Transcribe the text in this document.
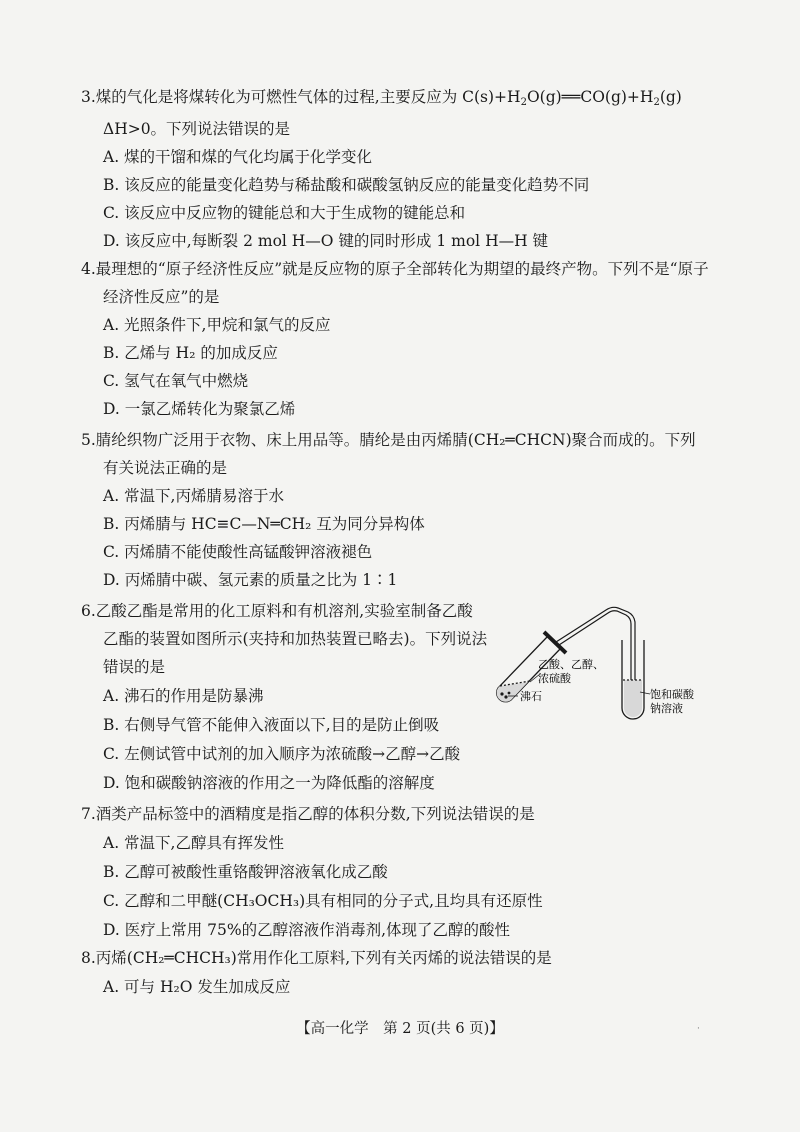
3.煤的气化是将煤转化为可燃性气体的过程,主要反应为 $C(s)+H_2O(g)══CO(g)+H_2(g)$

ΔH>0。下列说法错误的是

A. 煤的干馏和煤的气化均属于化学变化

B. 该反应的能量变化趋势与稀盐酸和碳酸氢钠反应的能量变化趋势不同

C. 该反应中反应物的键能总和大于生成物的键能总和

D. 该反应中,每断裂 2 mol H—O 键的同时形成 1 mol H—H 键

4.最理想的“原子经济性反应”就是反应物的原子全部转化为期望的最终产物。下列不是“原子

经济性反应”的是

A. 光照条件下,甲烷和氯气的反应

B. 乙烯与 H₂ 的加成反应

C. 氢气在氧气中燃烧

D. 一氯乙烯转化为聚氯乙烯

5.腈纶织物广泛用于衣物、床上用品等。腈纶是由丙烯腈(CH₂═CHCN)聚合而成的。下列

有关说法正确的是

A. 常温下,丙烯腈易溶于水

B. 丙烯腈与 HC≡C—N═CH₂ 互为同分异构体

C. 丙烯腈不能使酸性高锰酸钾溶液褪色

D. 丙烯腈中碳、氢元素的质量之比为 1∶1

6.乙酸乙酯是常用的化工原料和有机溶剂,实验室制备乙酸

乙酯的装置如图所示(夹持和加热装置已略去)。下列说法

错误的是

A. 沸石的作用是防暴沸

B. 右侧导气管不能伸入液面以下,目的是防止倒吸

C. 左侧试管中试剂的加入顺序为浓硫酸→乙醇→乙酸

D. 饱和碳酸钠溶液的作用之一为降低酯的溶解度

乙酸、乙醇、
浓硫酸
沸石	饱和碳酸
钠溶液

7.酒类产品标签中的酒精度是指乙醇的体积分数,下列说法错误的是

A. 常温下,乙醇具有挥发性

B. 乙醇可被酸性重铬酸钾溶液氧化成乙酸

C. 乙醇和二甲醚(CH₃OCH₃)具有相同的分子式,且均具有还原性

D. 医疗上常用 75%的乙醇溶液作消毒剂,体现了乙醇的酸性

8.丙烯(CH₂═CHCH₃)常用作化工原料,下列有关丙烯的说法错误的是

A. 可与 H₂O 发生加成反应

【高一化学　第 2 页(共 6 页)】	·
